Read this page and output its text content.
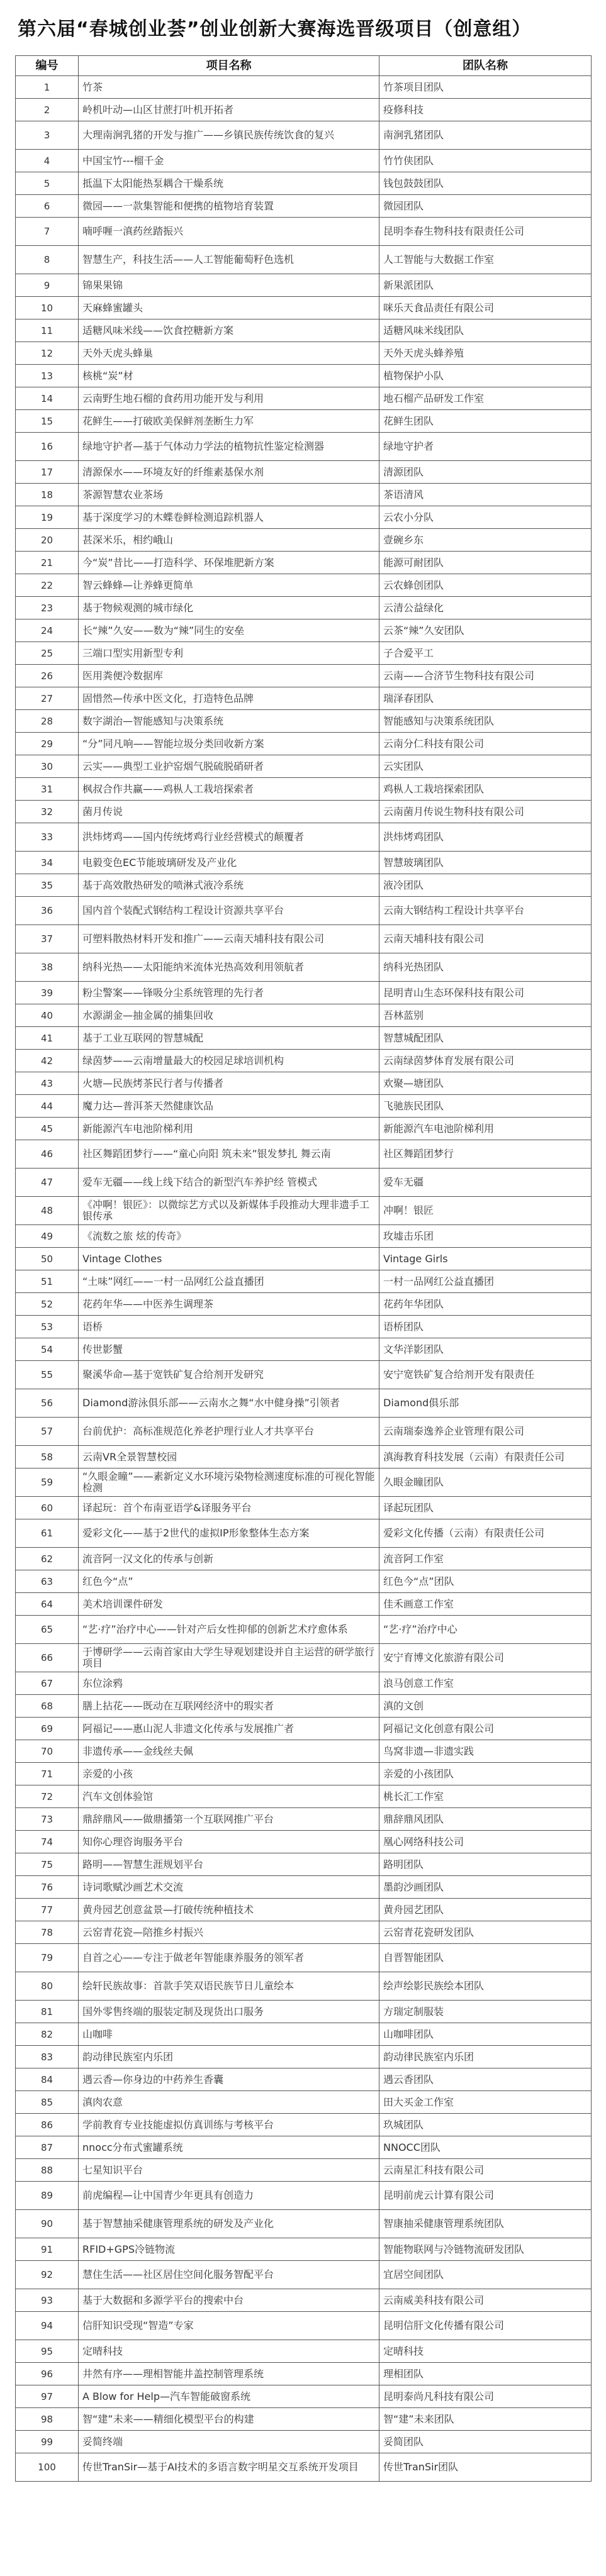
第六届“春城创业荟”创业创新大赛海选晋级项目（创意组）
编号	项目名称	团队名称
1	竹茶	竹茶项目团队
2	岭机叶动—山区甘蔗打叶机开拓者	疫修科技
3	大理南涧乳猪的开发与推广——乡镇民族传统饮食的复兴	南涧乳猪团队
4	中国宝竹---榴千金	竹竹侠团队
5	抵温下太阳能热泵耦合干燥系统	钱包鼓鼓团队
6	微园——一款集智能和便携的植物培育装置	微园团队
7	喃呼喱一滇药丝踏振兴	昆明李春生物科技有限责任公司
8	智慧生产，科技生活——人工智能葡萄籽色选机	人工智能与大数据工作室
9	锦果果锦	新果派团队
10	天麻蜂蜜罐头	咪乐天食品责任有限公司
11	适糖风味米线——饮食控糖新方案	适糖风味米线团队
12	天外天虎头蜂巢	天外天虎头蜂养殖
13	核桃“炭”材	植物保护小队
14	云南野生地石榴的食药用功能开发与利用	地石榴产品研发工作室
15	花鲜生——打破欧美保鲜剂垄断生力军	花鲜生团队
16	绿地守护者—基于气体动力学法的植物抗性鉴定检测器	绿地守护者
17	清源保水——环境友好的纤维素基保水剂	清源团队
18	茶源智慧农业茶场	茶语清风
19	基于深度学习的木蝶卷鲜检测追踪机器人	云农小分队
20	甚深米乐，相约峨山	壹碗乡东
21	今“炭”昔比——打造科学、环保堆肥新方案	能源可耐团队
22	智云蜂蜂—让养蜂更简单	云农蜂创团队
23	基于物候观测的城市绿化	云清公益绿化
24	长“辣”久安——数为“辣”同生的安垒	云茶“辣”久安团队
25	三端口型实用新型专利	子合爱平工
26	医用粪便冷数据库	云南——合济节生物科技有限公司
27	固惜然—传承中医文化，打造特色品牌	瑞泽春团队
28	数字湖治—智能感知与决策系统	智能感知与决策系统团队
29	“分”同凡响——智能垃圾分类回收新方案	云南分仁科技有限公司
30	云实——典型工业护窑烟气脱硫脱硝研者	云实团队
31	枫叔合作共赢——鸡枞人工栽培探索者	鸡枞人工栽培探索团队
32	菌月传说	云南菌月传说生物科技有限公司
33	洪炜烤鸡——国内传统烤鸡行业经营模式的颠覆者	洪炜烤鸡团队
34	电毅变色EC节能玻璃研发及产业化	智慧玻璃团队
35	基于高效散热研发的喷淋式液冷系统	液冷团队
36	国内首个装配式钢结构工程设计资源共享平台	云南大钢结构工程设计共享平台
37	可塑料散热材料开发和推广——云南天埔科技有限公司	云南天埔科技有限公司
38	纳科光热——太阳能纳米流体光热高效利用领航者	纳科光热团队
39	粉尘警案——锋吸分尘系统管理的先行者	昆明青山生态环保科技有限公司
40	水源湖金—抽金属的捕集回收	吾林蓝别
41	基于工业互联网的智慧城配	智慧城配团队
42	绿茵梦——云南增量最大的校园足球培训机构	云南绿茵梦体育发展有限公司
43	火塘—民族烤茶民行者与传播者	欢聚—塘团队
44	魔力达—普洱茶天然健康饮品	飞驰族民团队
45	新能源汽车电池阶梯利用	新能源汽车电池阶梯利用
46	社区舞蹈团梦行——“童心向阳 筑未来”银发梦扎 舞云南	社区舞蹈团梦行
47	爱车无疆——线上线下结合的新型汽车养护经 管模式	爱车无疆
48	《冲啊！银匠》：以微综艺方式以及新媒体手段推动大理非遗手工银传承	冲啊！银匠
49	《流数之旅 炫的传奇》	玫墟击乐团
50	Vintage Clothes	Vintage Girls
51	“土味”网红——一村一品网红公益直播团	一村一品网红公益直播团
52	花药年华——中医养生调理茶	花药年华团队
53	语桥	语桥团队
54	传世影蟹	文华洋影团队
55	聚溪华命—基于宽铁矿复合给剂开发研究	安宁宽铁矿复合给剂开发有限责任
56	Diamond游泳俱乐部——云南水之舞“水中健身操”引领者	Diamond俱乐部
57	台前优护：高标准规范化养老护理行业人才共享平台	云南瑞泰逸养企业管理有限公司
58	云南VR全景智慧校园	滇海教育科技发展（云南）有限责任公司
59	“久眼金瞳”——素新定义水环境污染物检测速度标准的可视化智能检测	久眼金瞳团队
60	译起玩：首个布南亚语学&译服务平台	译起玩团队
61	爱彩文化——基于2世代的虚拟IP形象整体生态方案	爱彩文化传播（云南）有限责任公司
62	流音阿一汉文化的传承与创新	流音阿工作室
63	红色今“点”	红色今“点”团队
64	美术培训课件研发	佳禾画意工作室
65	“艺·疗”治疗中心——针对产后女性抑郁的创新艺术疗愈体系	“艺·疗”治疗中心
66	于博研学——云南首家由大学生导观划建设并自主运营的研学旅行项目	安宁育博文化旅游有限公司
67	东位涂鸦	浪马创意工作室
68	膳上拈花——既动在互联网经济中的瑕实者	滇的文创
69	阿福记——惠山泥人非遗文化传承与发展推广者	阿福记文化创意有限公司
70	非遗传承——金线丝夫佩	鸟窝非遗—非遗实践
71	亲爱的小孩	亲爱的小孩团队
72	汽车文创体验馆	桃长汇工作室
73	鼎辞鼎风——做鼎播第一个互联网推广平台	鼎辞鼎风团队
74	知你心理咨询服务平台	凰心网络科技公司
75	路明——智慧生涯规划平台	路明团队
76	诗词歌赋沙画艺术交流	墨韵沙画团队
77	黄舟园艺创意盆景—打破传统种植技术	黄舟园艺团队
78	云窑青花瓷—陪推乡村振兴	云窑青花瓷研发团队
79	自首之心——专注于做老年智能康养服务的领军者	自晋智能团队
80	绘轩民族故事：首款手笑双语民族节日儿童绘本	绘声绘影民族绘本团队
81	国外零售终端的服装定制及现货出口服务	方瑞定制服装
82	山咖啡	山咖啡团队
83	韵动律民族室内乐团	韵动律民族室内乐团
84	遇云香—你身边的中药养生香囊	遇云香团队
85	滇肉农意	田大买金工作室
86	学前教育专业技能虚拟仿真训练与考核平台	玖城团队
87	nnocc分布式蜜罐系统	NNOCC团队
88	七星知识平台	云南星汇科技有限公司
89	前虎编程—让中国青少年更具有创造力	昆明前虎云计算有限公司
90	基于智慧抽采健康管理系统的研发及产业化	智康抽采健康管理系统团队
91	RFID+GPS冷链物流	智能物联网与冷链物流研发团队
92	慧住生活——社区居住空间化服务智配平台	宜居空间团队
93	基于大数据和多源学平台的搜索中台	云南威美科技有限公司
94	信肝知识受现“智造”专家	昆明信肝文化传播有限公司
95	定晴科技	定晴科技
96	井然有序——理相智能井盖控制管理系统	理相团队
97	A Blow for Help—汽车智能破窗系统	昆明泰尚凡科技有限公司
98	智“建”未来——精细化模型平台的构建	智“建”未来团队
99	妥简终端	妥简团队
100	传世TranSir—基于AI技术的多语言数字明星交互系统开发项目	传世TranSir团队
